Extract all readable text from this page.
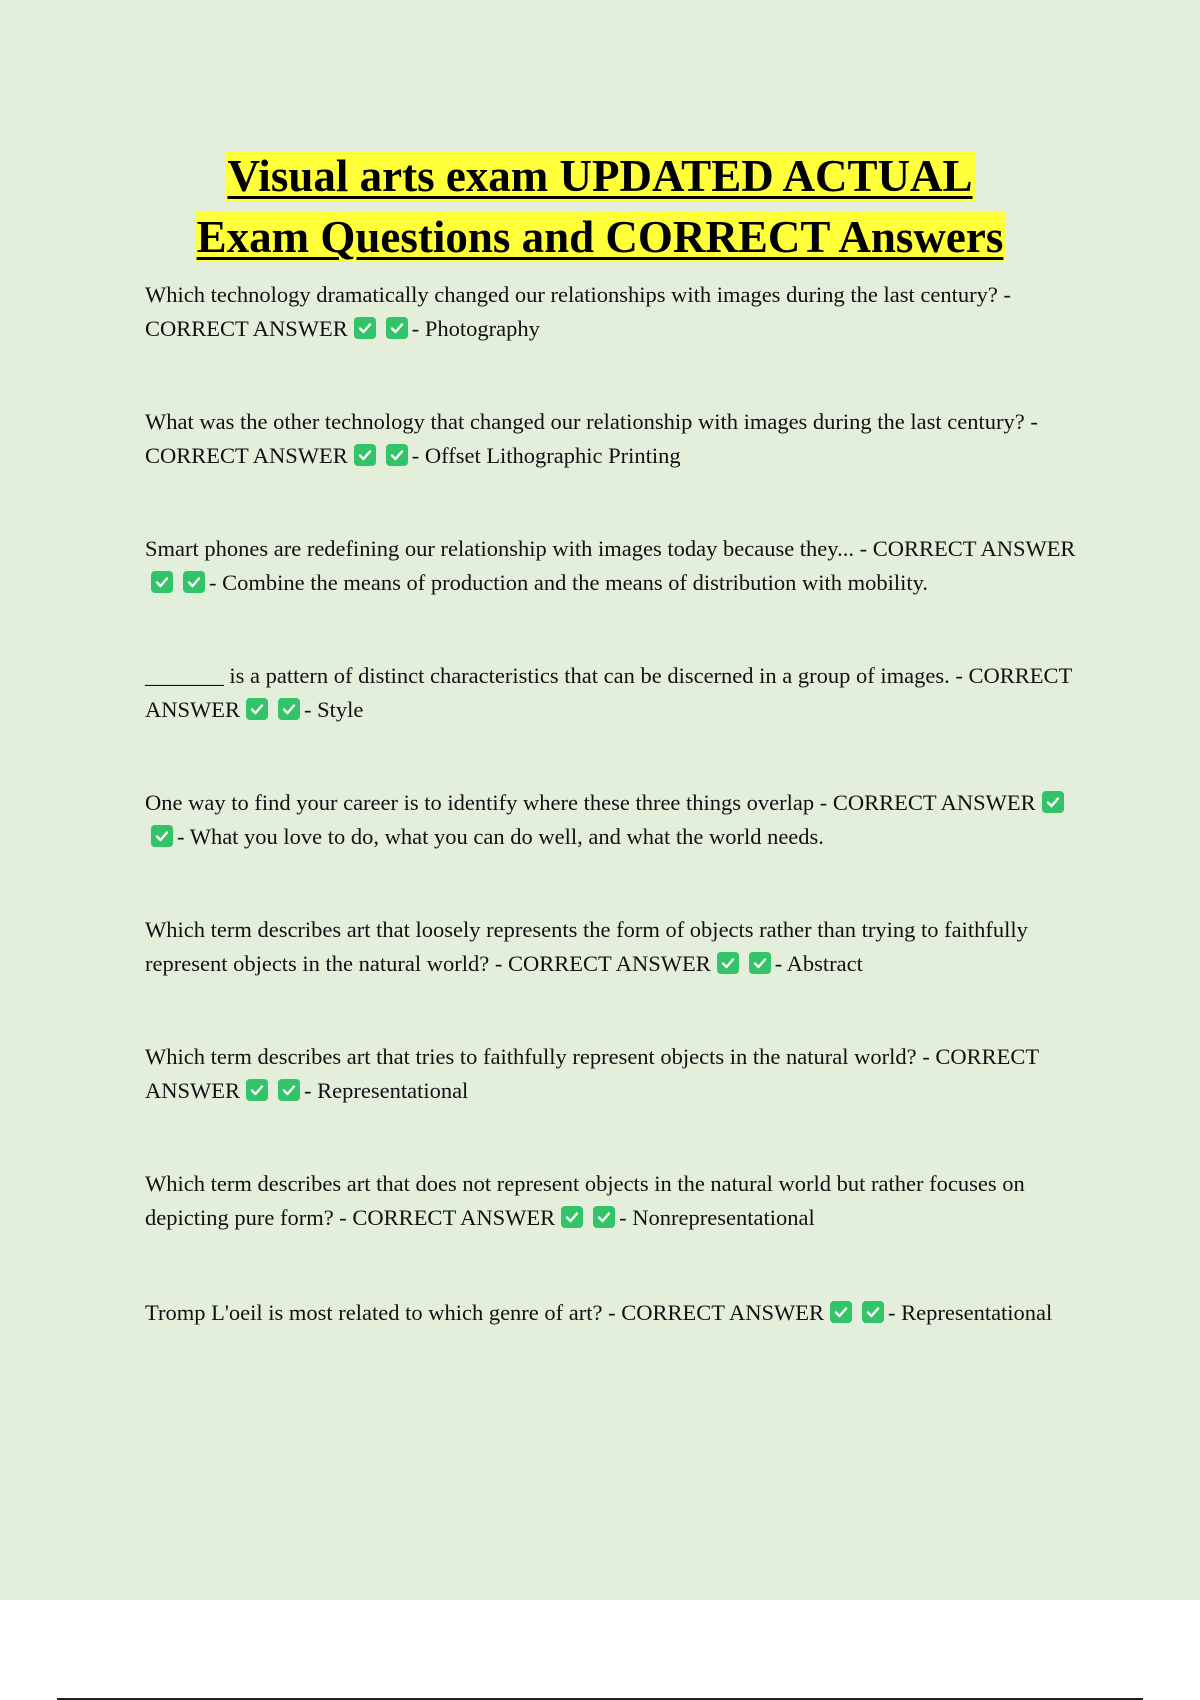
Visual arts exam UPDATED ACTUAL
Exam Questions and CORRECT Answers

Which technology dramatically changed our relationships with images during the last century? - CORRECT ANSWER	- Photography

What was the other technology that changed our relationship with images during the last century? - CORRECT ANSWER	- Offset Lithographic Printing

Smart phones are redefining our relationship with images today because they... - CORRECT ANSWER
- Combine the means of production and the means of distribution with mobility.

_______ is a pattern of distinct characteristics that can be discerned in a group of images. - CORRECT ANSWER	- Style

One way to find your career is to identify where these three things overlap - CORRECT ANSWER
- What you love to do, what you can do well, and what the world needs.

Which term describes art that loosely represents the form of objects rather than trying to faithfully represent objects in the natural world? - CORRECT ANSWER	- Abstract

Which term describes art that tries to faithfully represent objects in the natural world? - CORRECT ANSWER	- Representational

Which term describes art that does not represent objects in the natural world but rather focuses on depicting pure form? - CORRECT ANSWER	- Nonrepresentational

Tromp L'oeil is most related to which genre of art? - CORRECT ANSWER	- Representational
